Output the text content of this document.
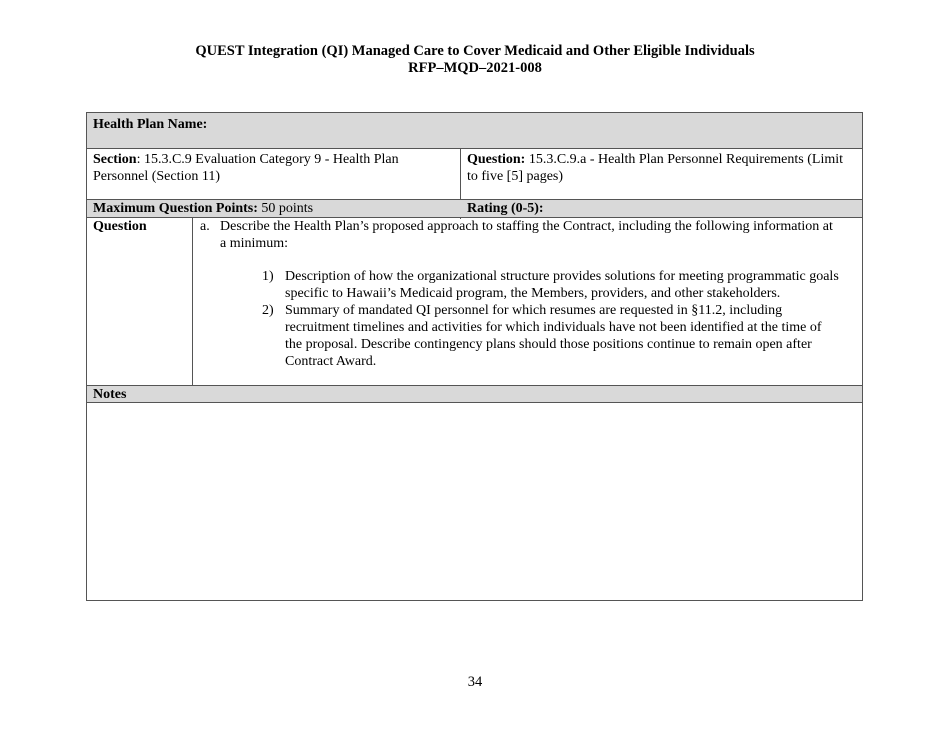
QUEST Integration (QI) Managed Care to Cover Medicaid and Other Eligible Individuals
RFP–MQD–2021-008
Health Plan Name:
Section: 15.3.C.9 Evaluation Category 9 - Health Plan
Personnel (Section 11)
Question: 15.3.C.9.a - Health Plan Personnel Requirements (Limit
to five [5] pages)
Maximum Question Points: 50 points	Rating (0-5):
Question	a. Describe the Health Plan’s proposed approach to staffing the Contract, including the following information at
a minimum:
1) Description of how the organizational structure provides solutions for meeting programmatic goals
specific to Hawaii’s Medicaid program, the Members, providers, and other stakeholders.
2) Summary of mandated QI personnel for which resumes are requested in §11.2, including
recruitment timelines and activities for which individuals have not been identified at the time of
the proposal. Describe contingency plans should those positions continue to remain open after
Contract Award.
Notes
34
